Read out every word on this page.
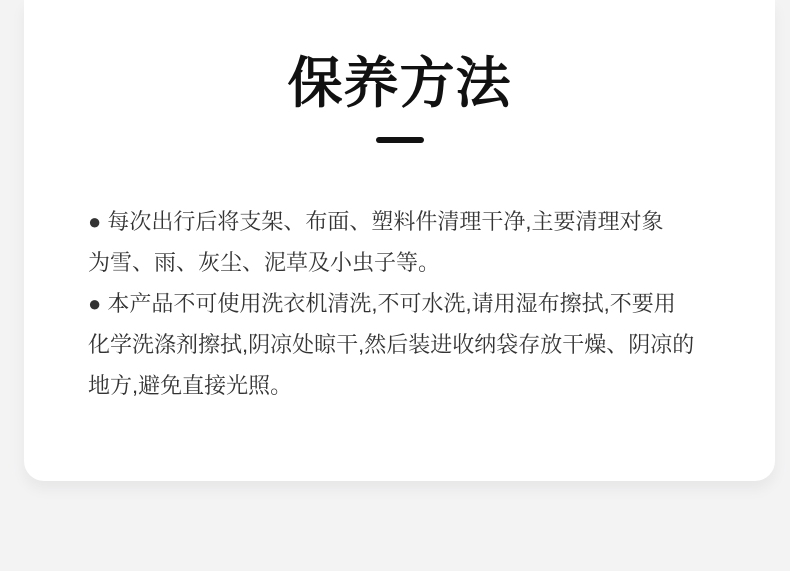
保养方法
● 每次出行后将支架、布面、塑料件清理干净,主要清理对象
为雪、雨、灰尘、泥草及小虫子等。
● 本产品不可使用洗衣机清洗,不可水洗,请用湿布擦拭,不要用
化学洗涤剂擦拭,阴凉处晾干,然后装进收纳袋存放干燥、阴凉的
地方,避免直接光照。
